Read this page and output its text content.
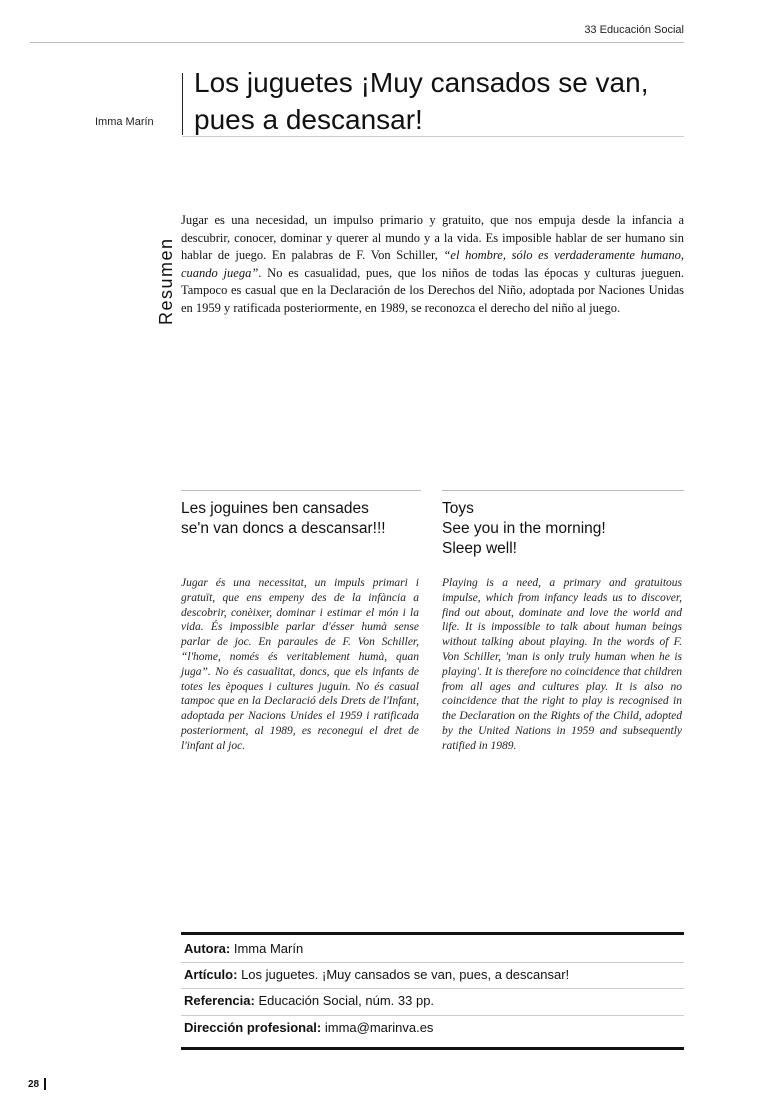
33 Educación Social
Imma Marín
Los juguetes ¡Muy cansados se van,
pues a descansar!
Resumen
Jugar es una necesidad, un impulso primario y gratuito, que nos empuja desde la infancia a descubrir, conocer, dominar y querer al mundo y a la vida. Es imposible hablar de ser humano sin hablar de juego. En palabras de F. Von Schiller, “el hombre, sólo es verdaderamente humano, cuando juega”. No es casualidad, pues, que los niños de todas las épocas y culturas jueguen. Tampoco es casual que en la Declaración de los Derechos del Niño, adoptada por Naciones Unidas en 1959 y ratificada posteriormente, en 1989, se reconozca el derecho del niño al juego.
Les joguines ben cansades
se'n van doncs a descansar!!!
Toys
See you in the morning!
Sleep well!
Jugar és una necessitat, un impuls primari i gratuït, que ens empeny des de la infància a descobrir, conèixer, dominar i estimar el món i la vida. És impossible parlar d'ésser humà sense parlar de joc. En paraules de F. Von Schiller, “l'home, només és veritablement humà, quan juga”. No és casualitat, doncs, que els infants de totes les èpoques i cultures juguin. No és casual tampoc que en la Declaració dels Drets de l'Infant, adoptada per Nacions Unides el 1959 i ratificada posteriorment, al 1989, es reconegui el dret de l'infant al joc.
Playing is a need, a primary and gratuitous impulse, which from infancy leads us to discover, find out about, dominate and love the world and life. It is impossible to talk about human beings without talking about playing. In the words of F. Von Schiller, 'man is only truly human when he is playing'. It is therefore no coincidence that children from all ages and cultures play. It is also no coincidence that the right to play is recognised in the Declaration on the Rights of the Child, adopted by the United Nations in 1959 and subsequently ratified in 1989.
Autora: Imma Marín
Artículo: Los juguetes. ¡Muy cansados se van, pues, a descansar!
Referencia: Educación Social, núm. 33 pp.
Dirección profesional: imma@marinva.es
28
